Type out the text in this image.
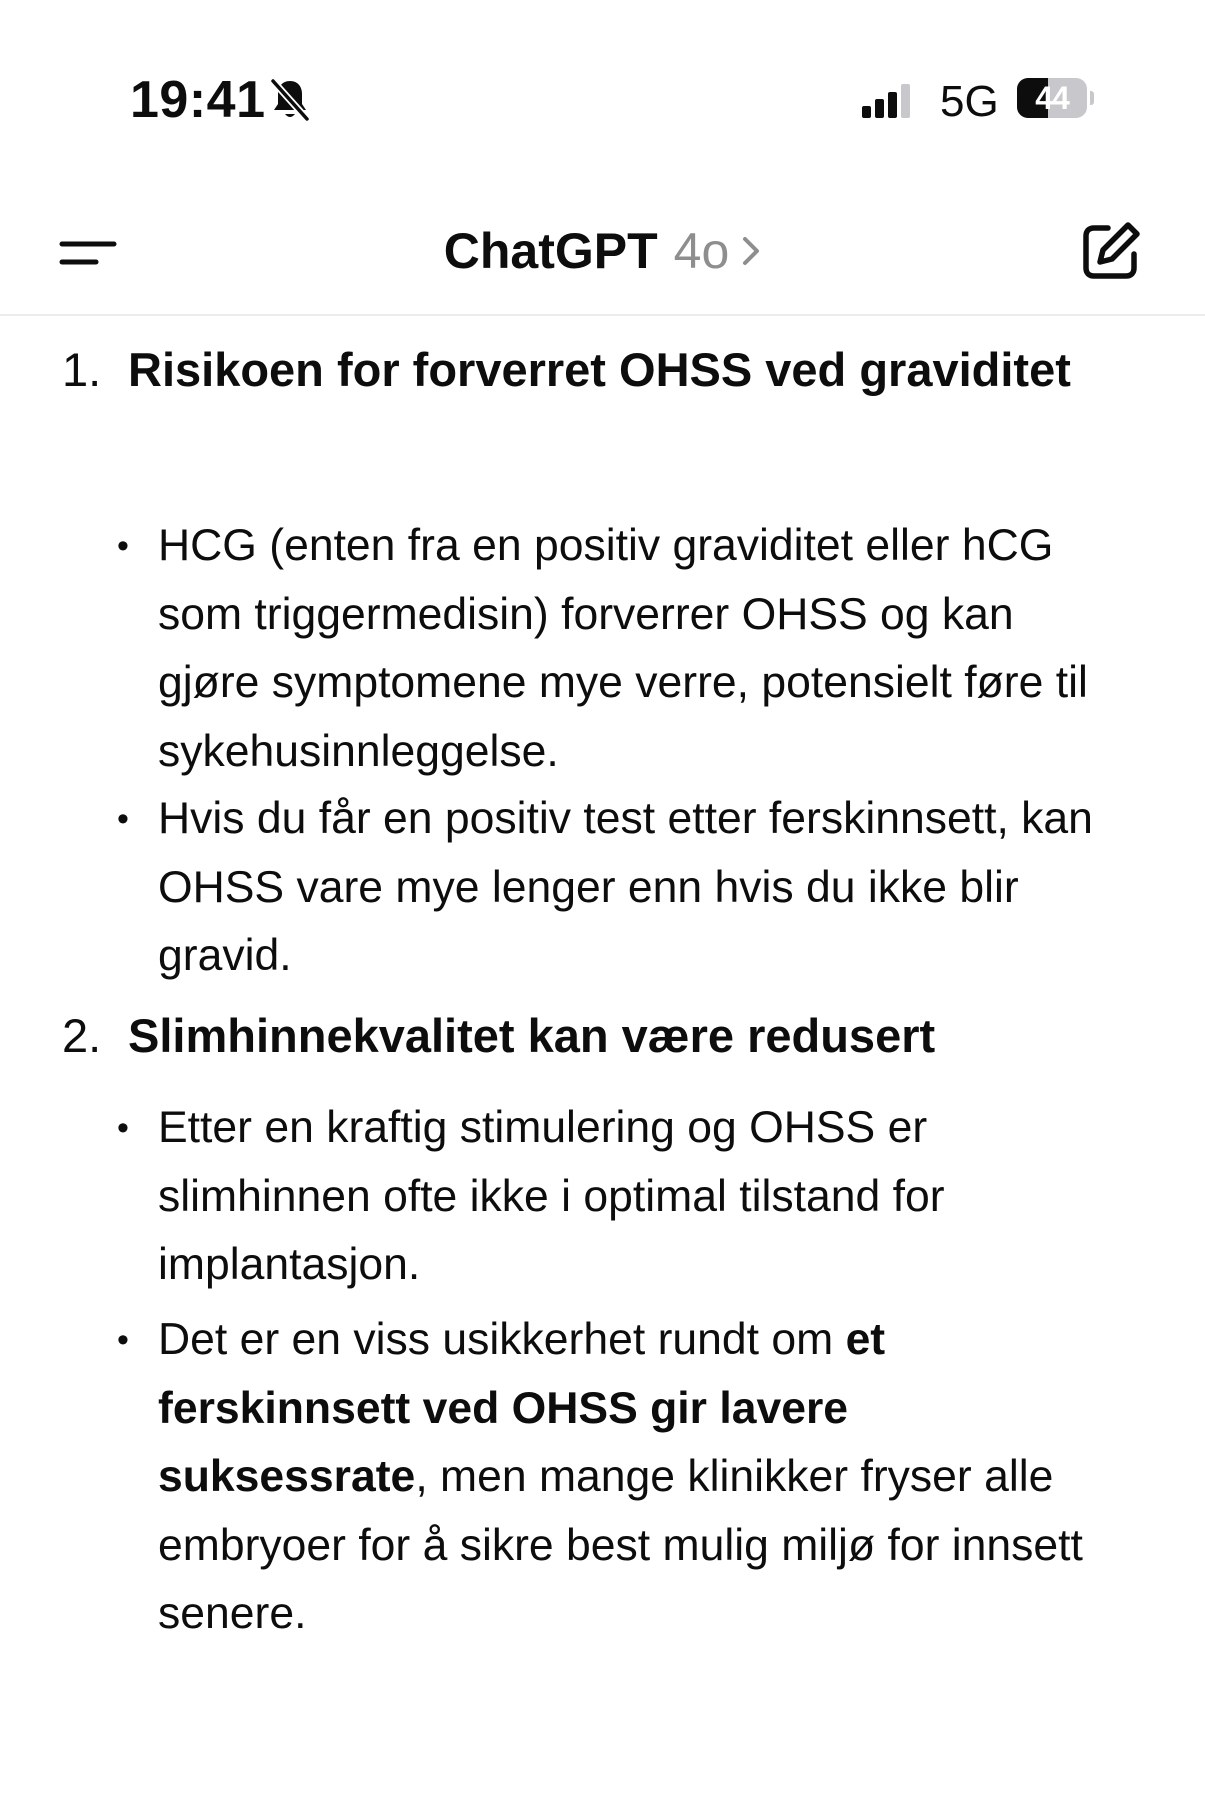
19:41	5G	44
ChatGPT 4o
1. Risikoen for forverret OHSS ved graviditet
• HCG (enten fra en positiv graviditet eller hCG som triggermedisin) forverrer OHSS og kan gjøre symptomene mye verre, potensielt føre til sykehusinnleggelse.

• Hvis du får en positiv test etter ferskinnsett, kan OHSS vare mye lenger enn hvis du ikke blir gravid.

2. Slimhinnekvalitet kan være redusert
• Etter en kraftig stimulering og OHSS er slimhinnen ofte ikke i optimal tilstand for implantasjon.

• Det er en viss usikkerhet rundt om et ferskinnsett ved OHSS gir lavere suksessrate, men mange klinikker fryser alle embryoer for å sikre best mulig miljø for innsett senere.
